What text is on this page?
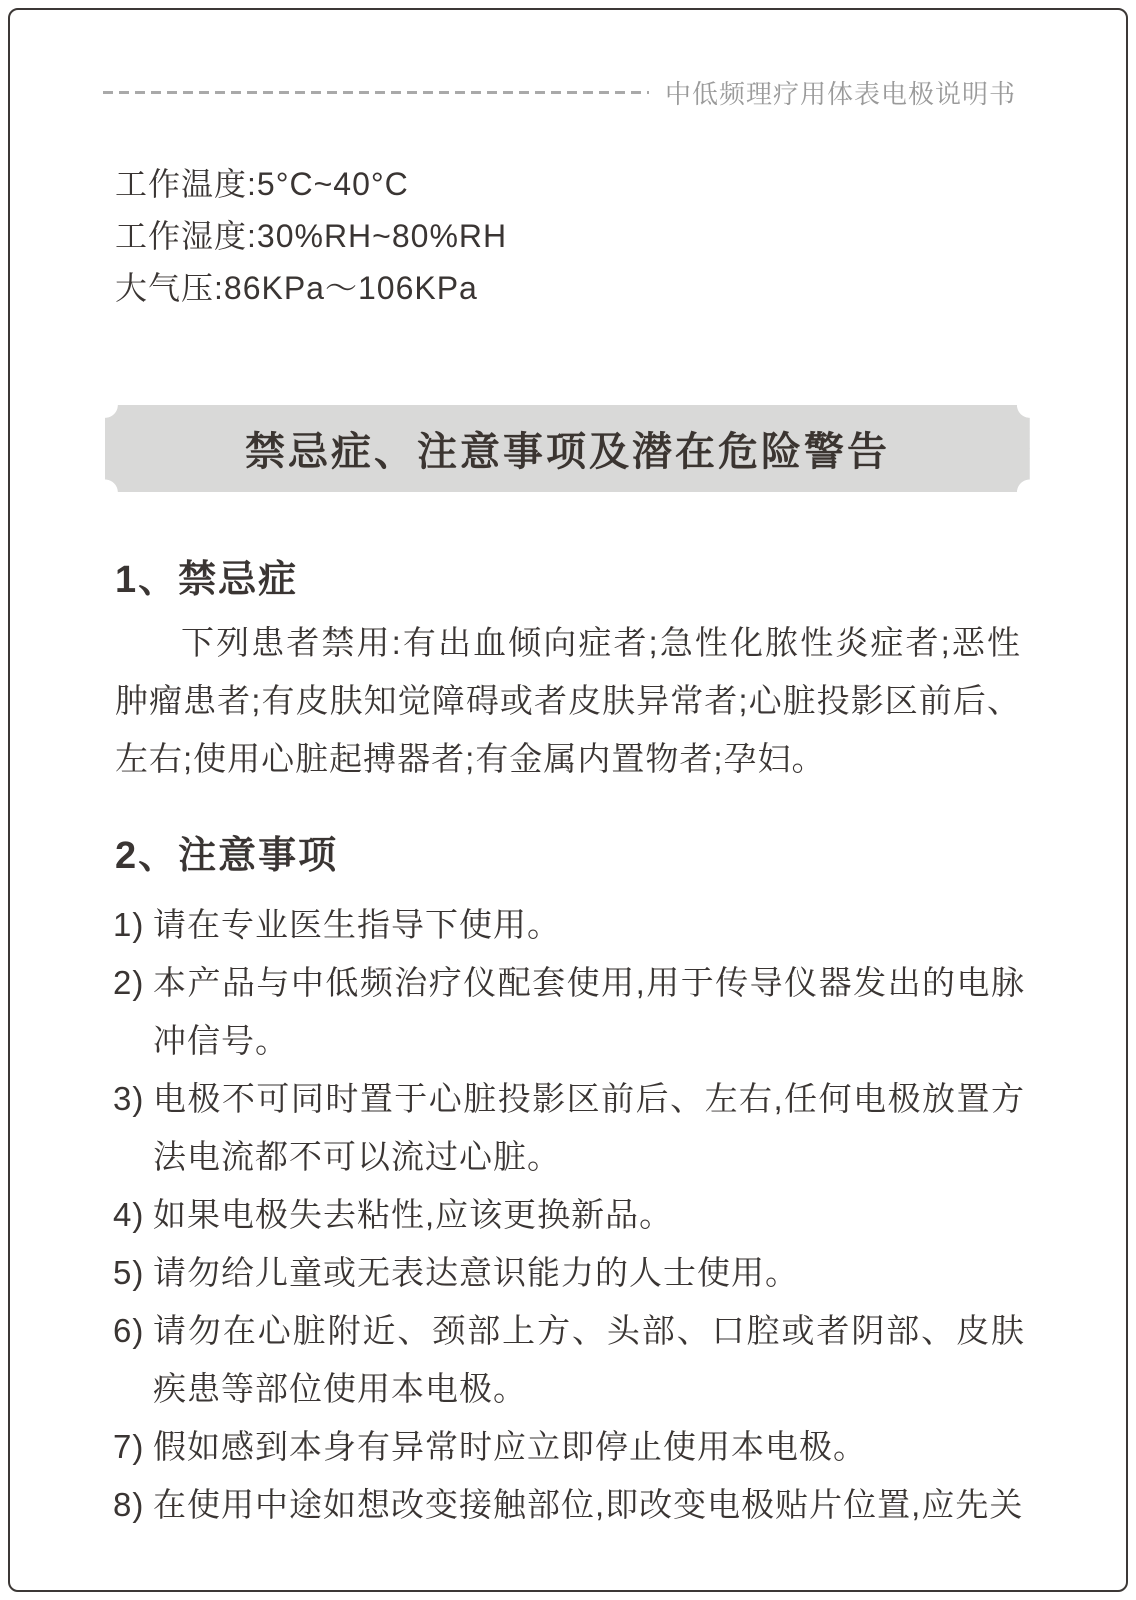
中低频理疗用体表电极说明书
工作温度:5°C~40°C
工作湿度:30%RH~80%RH
大气压:86KPa～106KPa
禁忌症、注意事项及潜在危险警告
1、禁忌症

下列患者禁用:有出血倾向症者;急性化脓性炎症者;恶性肿瘤患者;有皮肤知觉障碍或者皮肤异常者;心脏投影区前后、左右;使用心脏起搏器者;有金属内置物者;孕妇。

2、注意事项
1) 请在专业医生指导下使用。
2) 本产品与中低频治疗仪配套使用,用于传导仪器发出的电脉冲信号。
3) 电极不可同时置于心脏投影区前后、左右,任何电极放置方法电流都不可以流过心脏。
4) 如果电极失去粘性,应该更换新品。
5) 请勿给儿童或无表达意识能力的人士使用。
6) 请勿在心脏附近、颈部上方、头部、口腔或者阴部、皮肤疾患等部位使用本电极。
7) 假如感到本身有异常时应立即停止使用本电极。
8) 在使用中途如想改变接触部位,即改变电极贴片位置,应先关
